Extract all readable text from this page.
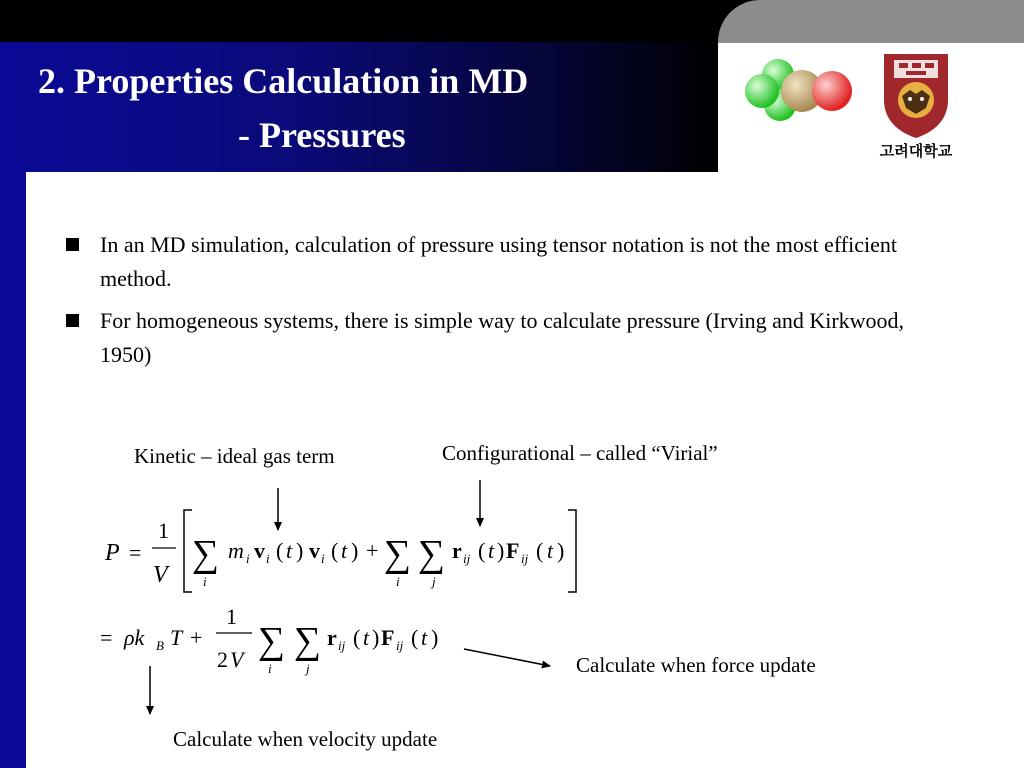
2. Properties Calculation in MD
- Pressures	고려대학교
In an MD simulation, calculation of pressure using tensor notation is not the most efficient method.
For homogeneous systems, there is simple way to calculate pressure (Irving and Kirkwood, 1950)
Kinetic – ideal gas term	Configurational – called “Virial”
Calculate when force update
Calculate when velocity update
P =
1
V ∑
i
m i v i ( t ) v i ( t ) + ∑
i
∑
j
r ij ( t ) F ij ( t )
= ρk B T +
1
2 V ∑
i
∑
j
r ij ( t ) F ij ( t )
